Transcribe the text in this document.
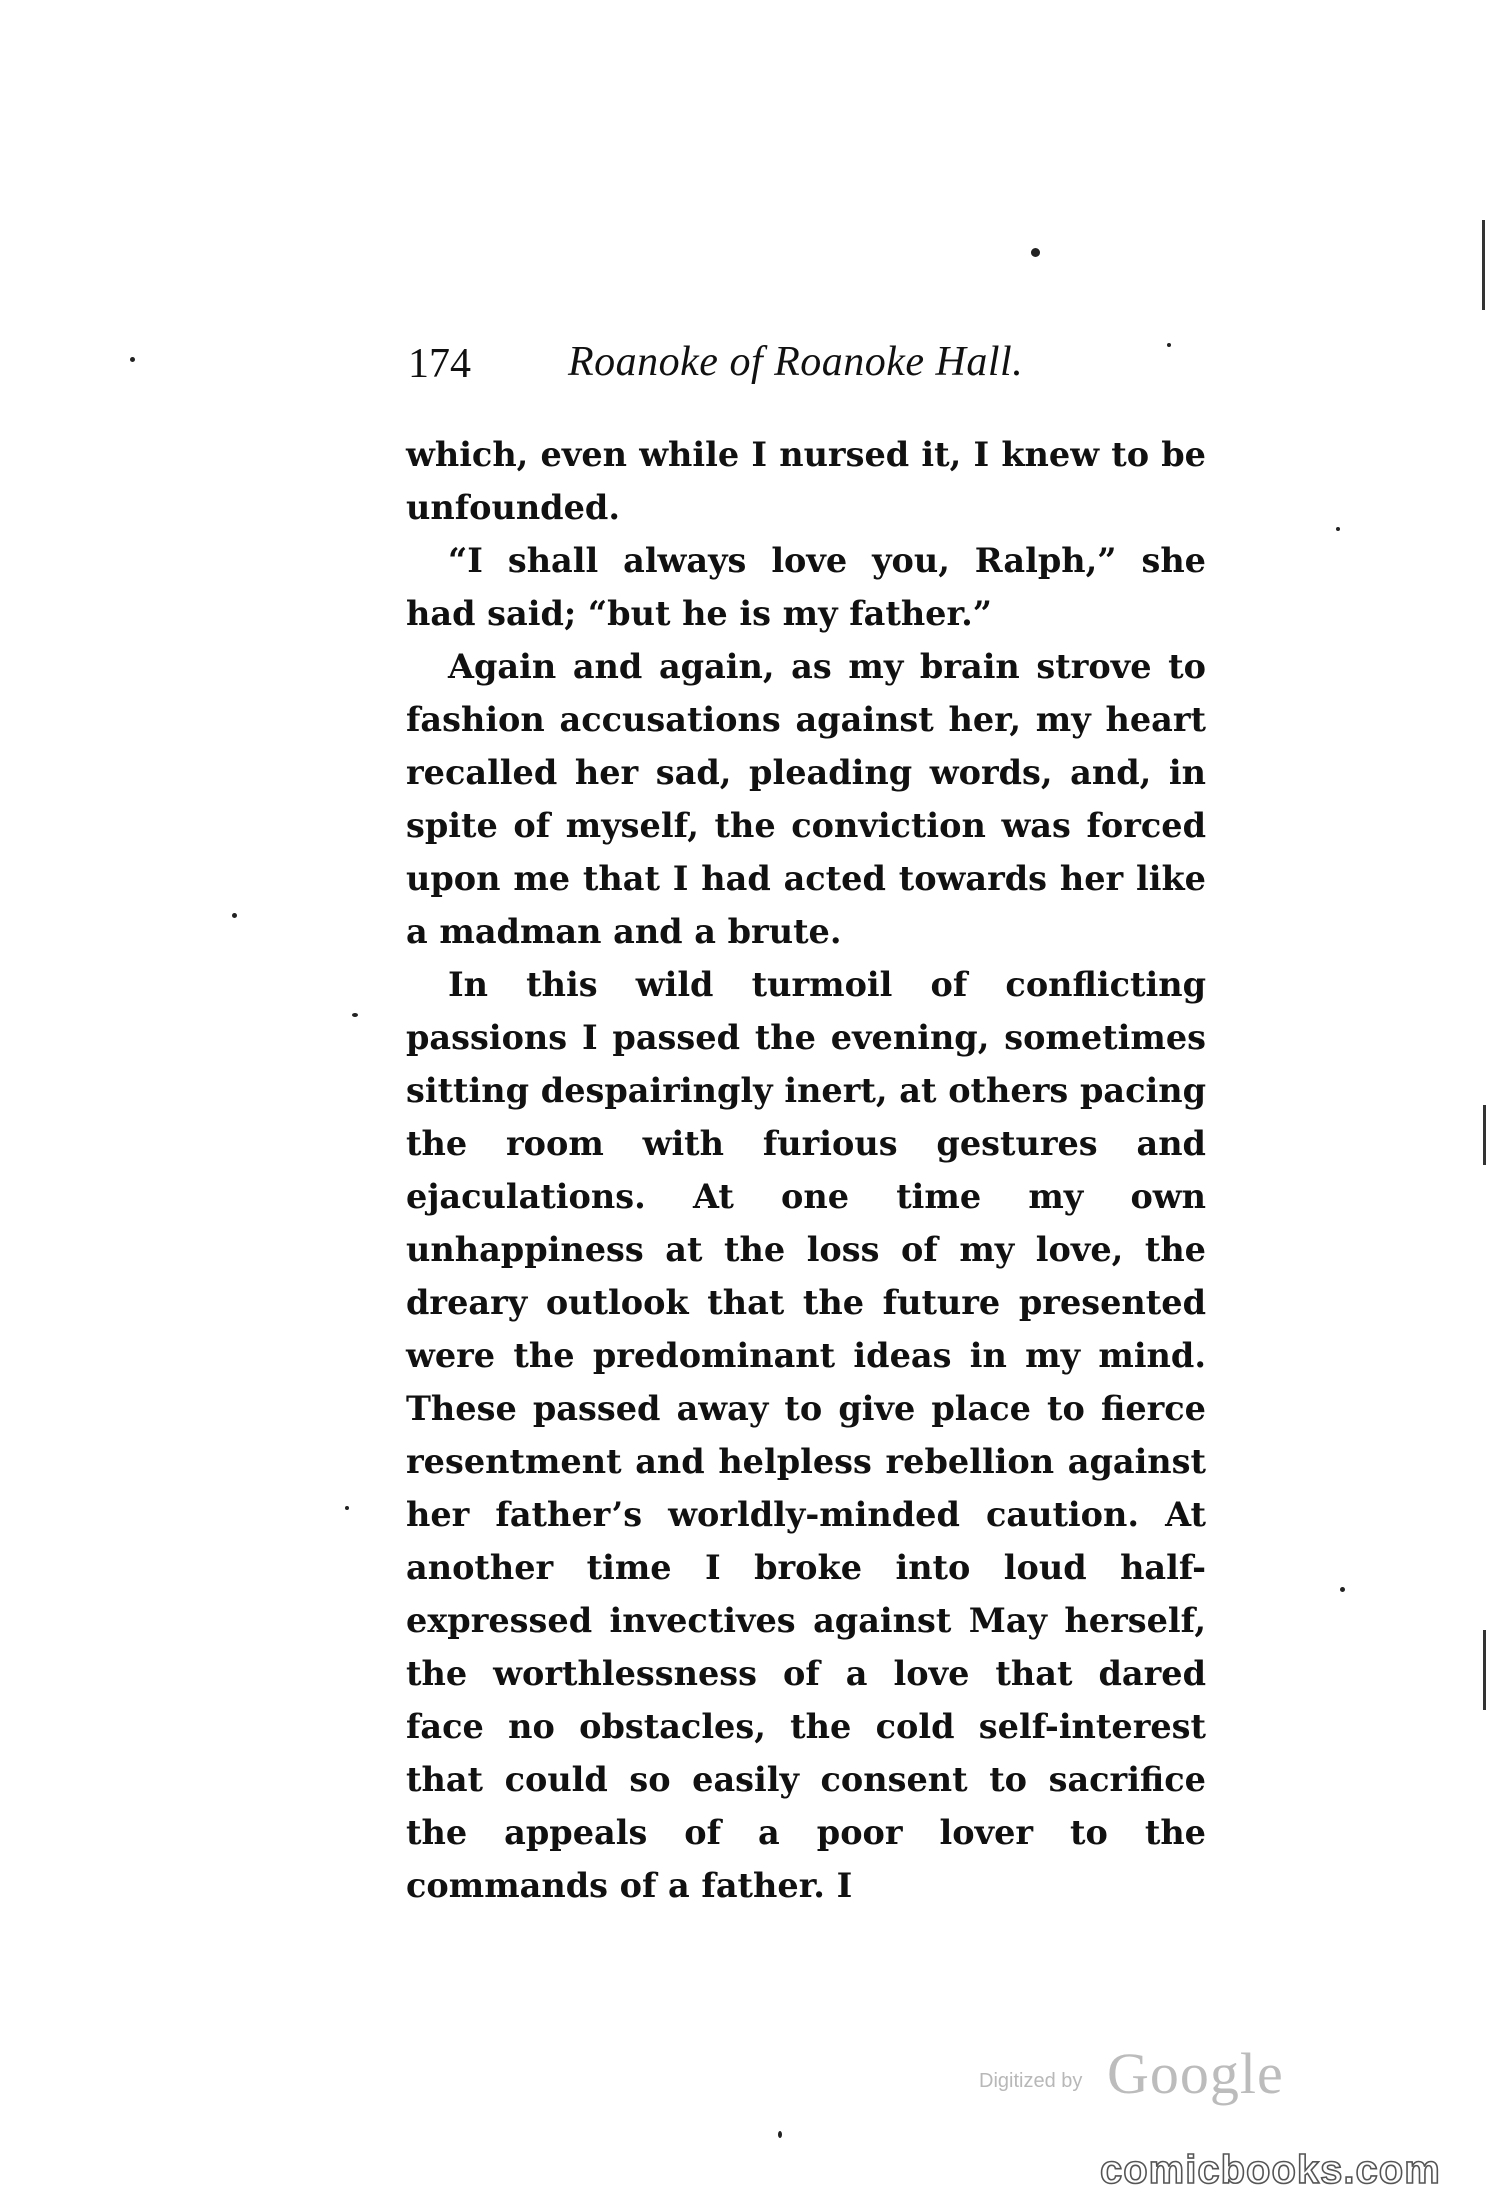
174 Roanoke of Roanoke Hall.

which, even while I nursed it, I knew to be unfounded.

“I shall always love you, Ralph,” she had said; “but he is my father.”

Again and again, as my brain strove to fashion accusations against her, my heart recalled her sad, pleading words, and, in spite of myself, the conviction was forced upon me that I had acted towards her like a madman and a brute.

In this wild turmoil of conflicting passions I passed the evening, sometimes sitting despairingly inert, at others pacing the room with furious gestures and ejaculations. At one time my own unhappiness at the loss of my love, the dreary outlook that the future presented were the predominant ideas in my mind. These passed away to give place to fierce resentment and helpless rebellion against her father’s worldly-minded caution. At another time I broke into loud half-expressed invectives against May herself, the worthlessness of a love that dared face no obstacles, the cold self-interest that could so easily consent to sacrifice the appeals of a poor lover to the commands of a father. I

Digitized by Google
comicbooks.com
